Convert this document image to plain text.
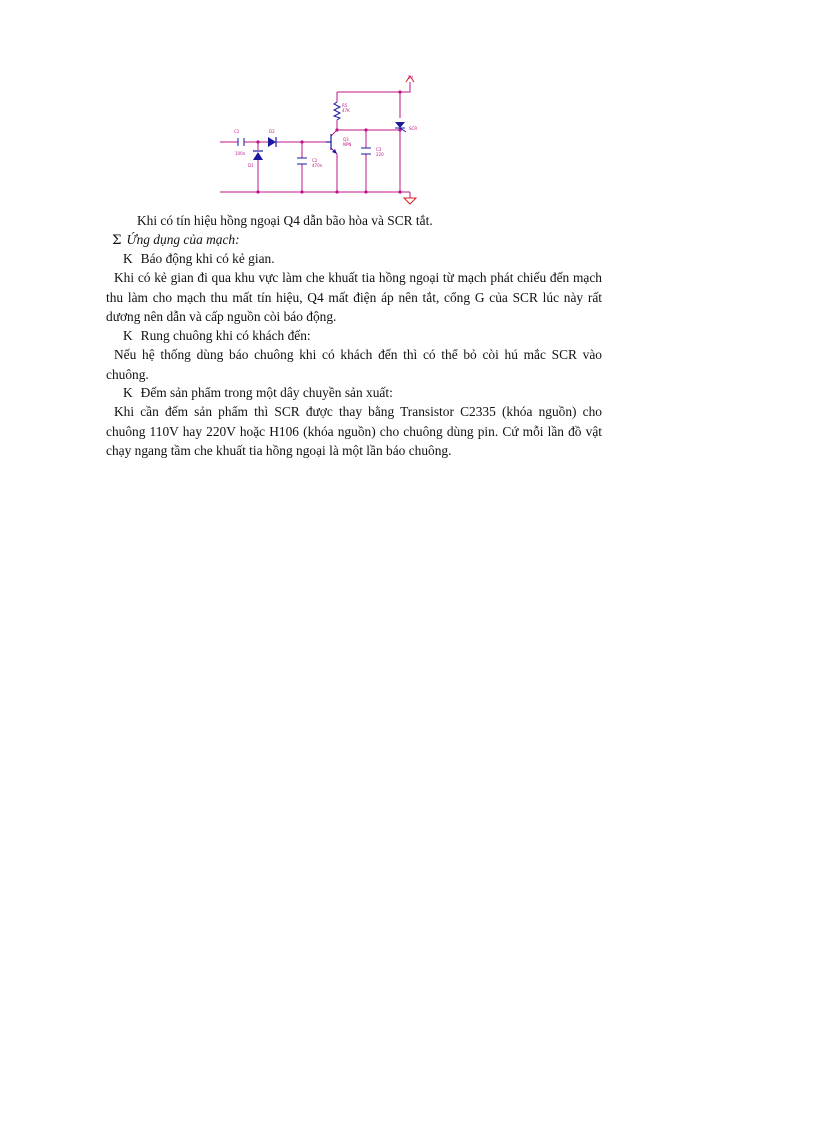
5V
R5
47K
SCR
C1
100n
D2
D1
C2
470n
Q3
NPN
C3
220

Khi có tín hiệu hồng ngoại Q4 dẫn bão hòa và SCR tắt.

Σ Ứng dụng của mạch:

K Báo động khi có kẻ gian.

Khi có kẻ gian đi qua khu vực làm che khuất tia hồng ngoại từ mạch phát chiếu đến mạch thu làm cho mạch thu mất tín hiệu, Q4 mất điện áp nên tắt, cổng G của SCR lúc này rất dương nên dẫn và cấp nguồn còi báo động.

K Rung chuông khi có khách đến:

Nếu hệ thống dùng báo chuông khi có khách đến thì có thể bỏ còi hú mắc SCR vào chuông.

K Đếm sản phẩm trong một dây chuyền sản xuất:

Khi cần đếm sản phẩm thì SCR được thay bằng Transistor C2335 (khóa nguồn) cho chuông 110V hay 220V hoặc H106 (khóa nguồn) cho chuông dùng pin. Cứ mỗi lần đồ vật chạy ngang tầm che khuất tia hồng ngoại là một lần báo chuông.
